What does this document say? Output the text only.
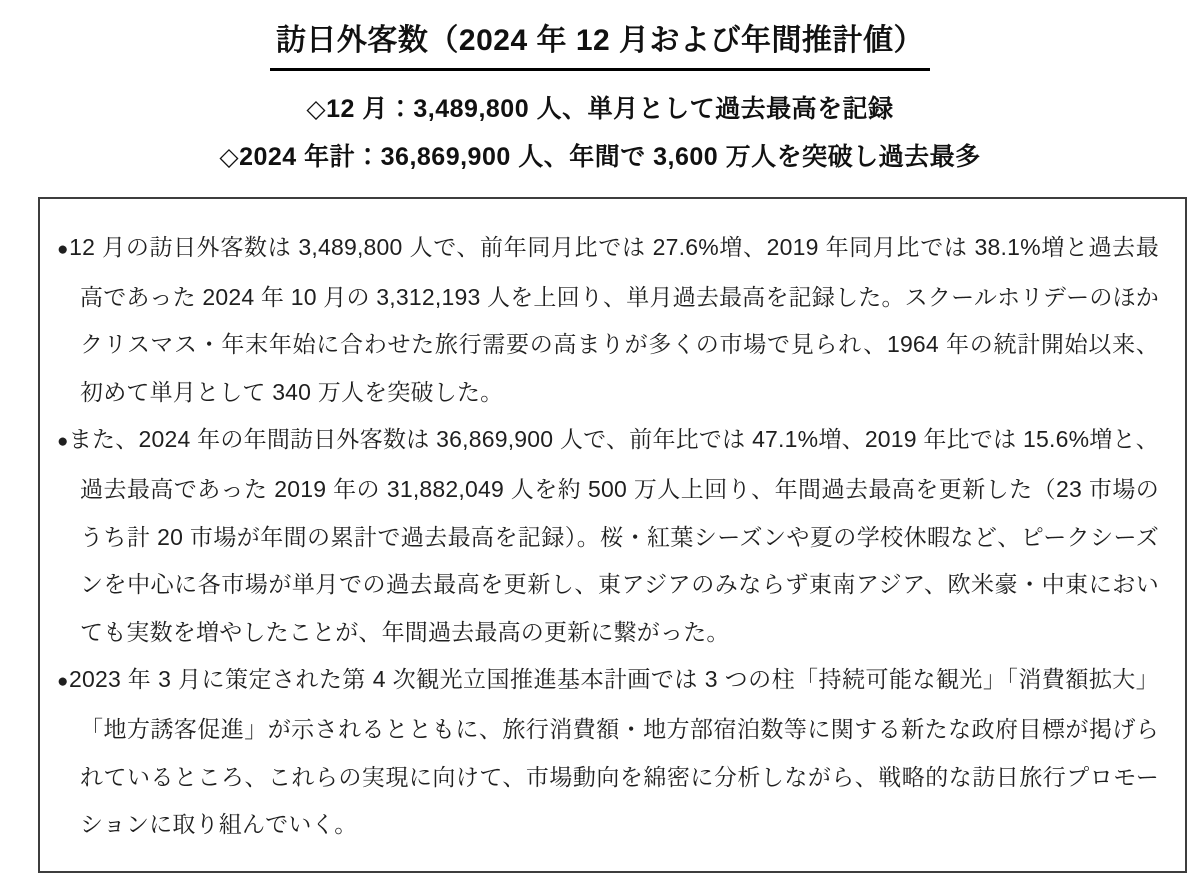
訪日外客数（2024 年 12 月および年間推計値）
◇12 月：3,489,800 人、単月として過去最高を記録
◇2024 年計：36,869,900 人、年間で 3,600 万人を突破し過去最多

●12 月の訪日外客数は 3,489,800 人で、前年同月比では 27.6%増、2019 年同月比では 38.1%増と過去最高であった 2024 年 10 月の 3,312,193 人を上回り、単月過去最高を記録した。スクールホリデーのほかクリスマス・年末年始に合わせた旅行需要の高まりが多くの市場で見られ、1964 年の統計開始以来、初めて単月として 340 万人を突破した。

●また、2024 年の年間訪日外客数は 36,869,900 人で、前年比では 47.1%増、2019 年比では 15.6%増と、過去最高であった 2019 年の 31,882,049 人を約 500 万人上回り、年間過去最高を更新した（23 市場のうち計 20 市場が年間の累計で過去最高を記録）。桜・紅葉シーズンや夏の学校休暇など、ピークシーズンを中心に各市場が単月での過去最高を更新し、東アジアのみならず東南アジア、欧米豪・中東においても実数を増やしたことが、年間過去最高の更新に繋がった。

●2023 年 3 月に策定された第 4 次観光立国推進基本計画では 3 つの柱「持続可能な観光」「消費額拡大」「地方誘客促進」が示されるとともに、旅行消費額・地方部宿泊数等に関する新たな政府目標が掲げられているところ、これらの実現に向けて、市場動向を綿密に分析しながら、戦略的な訪日旅行プロモーションに取り組んでいく。
